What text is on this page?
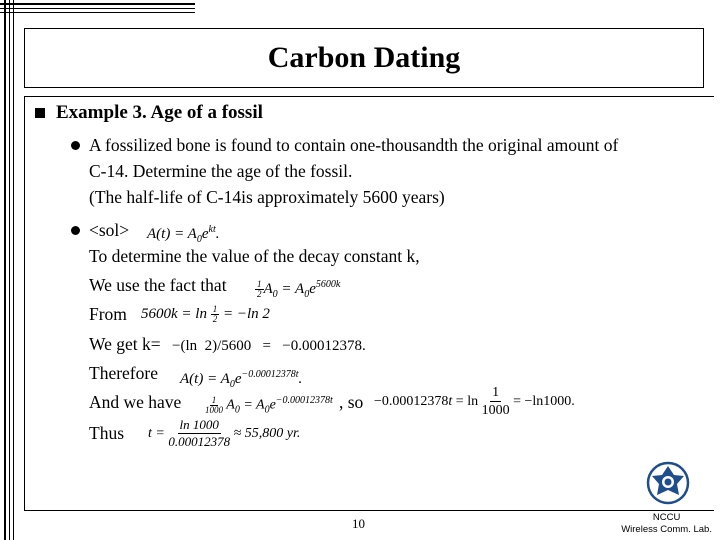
Carbon Dating
Example 3. Age of a fossil
A fossilized bone is found to contain one-thousandth the original amount of
C-14. Determine the age of the fossil.
(The half-life of C-14is approximately 5600 years)
$<sol> A(t) = A_0e^{kt}$.
To determine the value of the decay constant k,
We use the fact that	$\frac{1}{2} A_0 = A_0e^{5600k}$
From $5600k = \ln \frac{1}{2} = -\ln$ 2
We get k= −(ln  2)/5600   =   −0.00012378.
Therefore $A(t) = A_0e^{-0.00012378t}$.
And we have	$\frac{1}{1000} A_0 = A_0e^{-0.00012378t}$ , so $-0.00012378t = \ln \frac{1}{1000} = -\ln 1000$.
Thus $t = \frac{\ln 1000}{0.00012378} \approx 55,800$ yr.
10	NCCU
Wireless Comm. Lab.
